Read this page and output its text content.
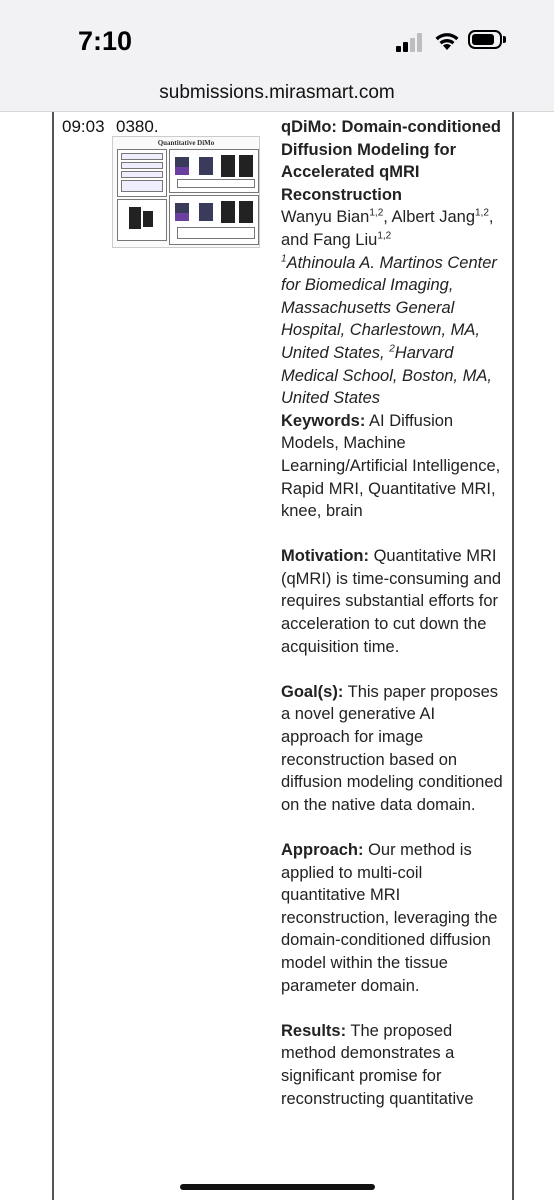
7:10
submissions.mirasmart.com
09:03 0380.
Quantitative DiMo

qDiMo: Domain-conditioned Diffusion Modeling for Accelerated qMRI Reconstruction

Wanyu Bian$^{1,2}$, Albert Jang$^{1,2}$, and Fang Liu$^{1,2}$

$^1$Athinoula A. Martinos Center for Biomedical Imaging, Massachusetts General Hospital, Charlestown, MA, United States, $^2$Harvard Medical School, Boston, MA, United States

Keywords: AI Diffusion Models, Machine Learning/Artificial Intelligence, Rapid MRI, Quantitative MRI, knee, brain

Motivation: Quantitative MRI (qMRI) is time-consuming and requires substantial efforts for acceleration to cut down the acquisition time.

Goal(s): This paper proposes a novel generative AI approach for image reconstruction based on diffusion modeling conditioned on the native data domain.

Approach: Our method is applied to multi-coil quantitative MRI reconstruction, leveraging the domain-conditioned diffusion model within the tissue parameter domain.

Results: The proposed method demonstrates a significant promise for reconstructing quantitative
